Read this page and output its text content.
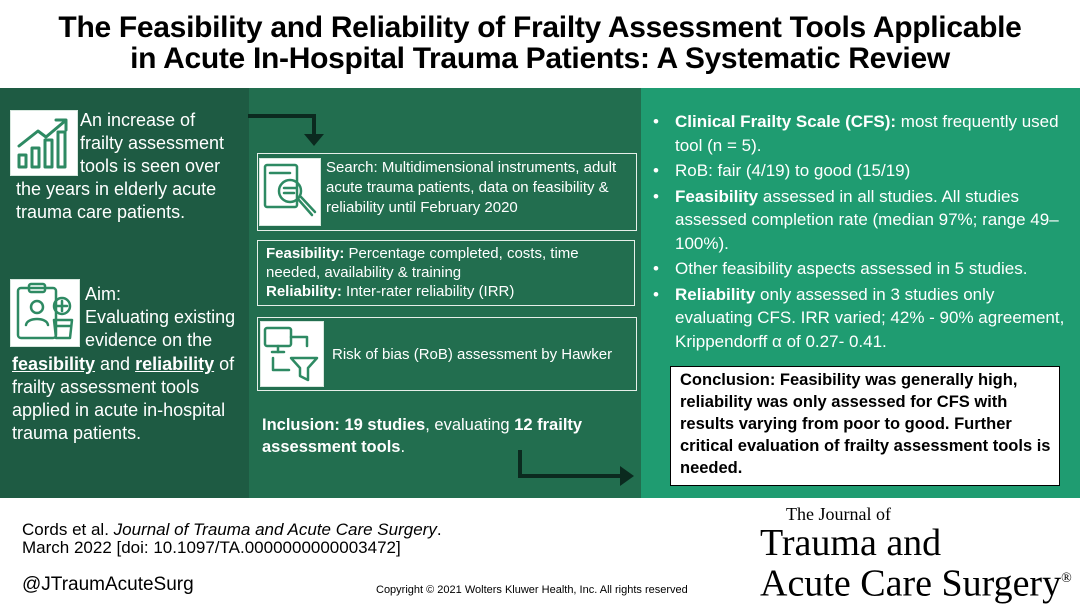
The Feasibility and Reliability of Frailty Assessment Tools Applicable
in Acute In-Hospital Trauma Patients: A Systematic Review
An increase of
frailty assessment
tools is seen over
the years in elderly acute
trauma care patients.
Aim:
Evaluating existing
evidence on the
feasibility and reliability of
frailty assessment tools
applied in acute in-hospital
trauma patients.
Search: Multidimensional instruments, adult acute trauma patients, data on feasibility & reliability until February 2020
Feasibility: Percentage completed, costs, time needed, availability & training
Reliability: Inter-rater reliability (IRR)
Risk of bias (RoB) assessment by Hawker
Inclusion: 19 studies, evaluating 12 frailty assessment tools.
• Clinical Frailty Scale (CFS): most frequently used tool (n = 5).
• RoB: fair (4/19) to good (15/19)
• Feasibility assessed in all studies. All studies assessed completion rate (median 97%; range 49–100%).
• Other feasibility aspects assessed in 5 studies.
• Reliability only assessed in 3 studies only evaluating CFS. IRR varied; 42% - 90% agreement, Krippendorff α of 0.27- 0.41.
Conclusion: Feasibility was generally high, reliability was only assessed for CFS with results varying from poor to good. Further critical evaluation of frailty assessment tools is needed.
Cords et al. Journal of Trauma and Acute Care Surgery.
March 2022 [doi: 10.1097/TA.0000000000003472]
@JTraumAcuteSurg	Copyright © 2021 Wolters Kluwer Health, Inc. All rights reserved
The Journal of
Trauma and
Acute Care Surgery®
